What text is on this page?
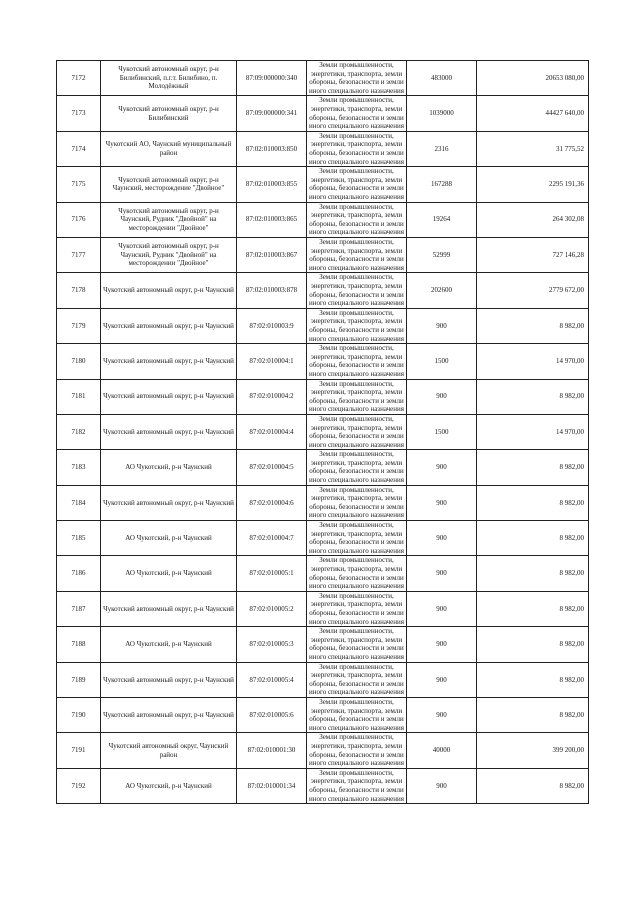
7172	Чукотский автономный округ, р-н Билибинский, п.г.т. Билибино, п. Молодёжный	87:09:000000:340	Земли промышленности, энергетики, транспорта, земли обороны, безопасности и земли иного специального назначения	483000	20653 080,00
7173	Чукотский автономный округ, р-н Билибинский	87:09:000000:341	Земли промышленности, энергетики, транспорта, земли обороны, безопасности и земли иного специального назначения	1039000	44427 640,00
7174	Чукотский АО, Чаунский муниципальный район	87:02:010003:850	Земли промышленности, энергетики, транспорта, земли обороны, безопасности и земли иного специального назначения	2316	31 775,52
7175	Чукотский автономный округ, р-н Чаунский, месторождение "Двойное"	87:02:010003:855	Земли промышленности, энергетики, транспорта, земли обороны, безопасности и земли иного специального назначения	167288	2295 191,36
7176	Чукотский автономный округ, р-н Чаунский, Рудник "Двойной" на месторождении "Двойное"	87:02:010003:865	Земли промышленности, энергетики, транспорта, земли обороны, безопасности и земли иного специального назначения	19264	264 302,08
7177	Чукотский автономный округ, р-н Чаунский, Рудник "Двойной" на месторождении "Двойное"	87:02:010003:867	Земли промышленности, энергетики, транспорта, земли обороны, безопасности и земли иного специального назначения	52999	727 146,28
7178	Чукотский автономный округ, р-н Чаунский	87:02:010003:878	Земли промышленности, энергетики, транспорта, земли обороны, безопасности и земли иного специального назначения	202600	2779 672,00
7179	Чукотский автономный округ, р-н Чаунский	87:02:010003:9	Земли промышленности, энергетики, транспорта, земли обороны, безопасности и земли иного специального назначения	900	8 982,00
7180	Чукотский автономный округ, р-н Чаунский	87:02:010004:1	Земли промышленности, энергетики, транспорта, земли обороны, безопасности и земли иного специального назначения	1500	14 970,00
7181	Чукотский автономный округ, р-н Чаунский	87:02:010004:2	Земли промышленности, энергетики, транспорта, земли обороны, безопасности и земли иного специального назначения	900	8 982,00
7182	Чукотский автономный округ, р-н Чаунский	87:02:010004:4	Земли промышленности, энергетики, транспорта, земли обороны, безопасности и земли иного специального назначения	1500	14 970,00
7183	АО Чукотский, р-н Чаунский	87:02:010004:5	Земли промышленности, энергетики, транспорта, земли обороны, безопасности и земли иного специального назначения	900	8 982,00
7184	Чукотский автономный округ, р-н Чаунский	87:02:010004:6	Земли промышленности, энергетики, транспорта, земли обороны, безопасности и земли иного специального назначения	900	8 982,00
7185	АО Чукотский, р-н Чаунский	87:02:010004:7	Земли промышленности, энергетики, транспорта, земли обороны, безопасности и земли иного специального назначения	900	8 982,00
7186	АО Чукотский, р-н Чаунский	87:02:010005:1	Земли промышленности, энергетики, транспорта, земли обороны, безопасности и земли иного специального назначения	900	8 982,00
7187	Чукотский автономный округ, р-н Чаунский	87:02:010005:2	Земли промышленности, энергетики, транспорта, земли обороны, безопасности и земли иного специального назначения	900	8 982,00
7188	АО Чукотский, р-н Чаунский	87:02:010005:3	Земли промышленности, энергетики, транспорта, земли обороны, безопасности и земли иного специального назначения	900	8 982,00
7189	Чукотский автономный округ, р-н Чаунский	87:02:010005:4	Земли промышленности, энергетики, транспорта, земли обороны, безопасности и земли иного специального назначения	900	8 982,00
7190	Чукотский автономный округ, р-н Чаунский	87:02:010005:6	Земли промышленности, энергетики, транспорта, земли обороны, безопасности и земли иного специального назначения	900	8 982,00
7191	Чукотский автономный округ, Чаунский район	87:02:010001:30	Земли промышленности, энергетики, транспорта, земли обороны, безопасности и земли иного специального назначения	40000	399 200,00
7192	АО Чукотский, р-н Чаунский	87:02:010001:34	Земли промышленности, энергетики, транспорта, земли обороны, безопасности и земли иного специального назначения	900	8 982,00
